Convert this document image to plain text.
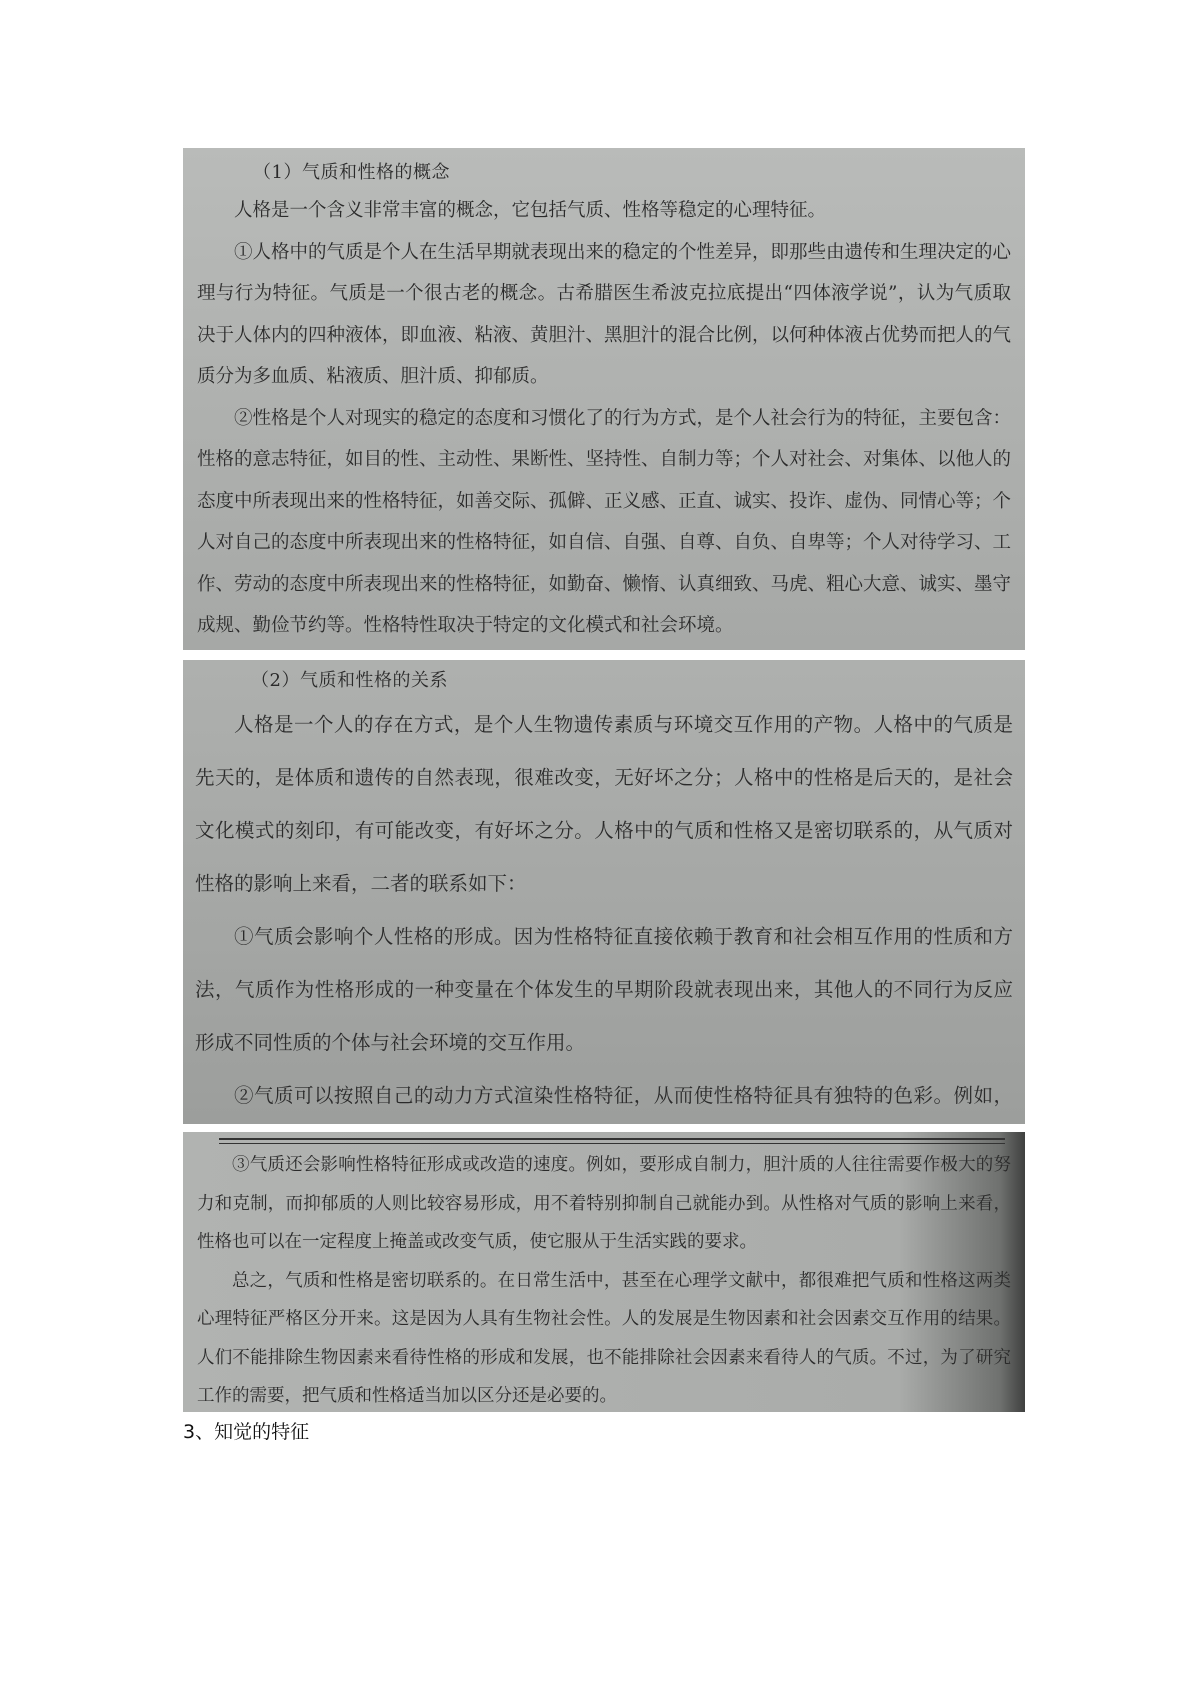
（1）气质和性格的概念

人格是一个含义非常丰富的概念，它包括气质、性格等稳定的心理特征。

①人格中的气质是个人在生活早期就表现出来的稳定的个性差异，即那些由遗传和生理决定的心理与行为特征。气质是一个很古老的概念。古希腊医生希波克拉底提出“四体液学说”，认为气质取决于人体内的四种液体，即血液、粘液、黄胆汁、黑胆汁的混合比例，以何种体液占优势而把人的气质分为多血质、粘液质、胆汁质、抑郁质。

②性格是个人对现实的稳定的态度和习惯化了的行为方式，是个人社会行为的特征，主要包含：性格的意志特征，如目的性、主动性、果断性、坚持性、自制力等；个人对社会、对集体、以他人的态度中所表现出来的性格特征，如善交际、孤僻、正义感、正直、诚实、投诈、虚伪、同情心等；个人对自己的态度中所表现出来的性格特征，如自信、自强、自尊、自负、自卑等；个人对待学习、工作、劳动的态度中所表现出来的性格特征，如勤奋、懒惰、认真细致、马虎、粗心大意、诚实、墨守成规、勤俭节约等。性格特性取决于特定的文化模式和社会环境。

（2）气质和性格的关系

人格是一个人的存在方式，是个人生物遗传素质与环境交互作用的产物。人格中的气质是先天的，是体质和遗传的自然表现，很难改变，无好坏之分；人格中的性格是后天的，是社会文化模式的刻印，有可能改变，有好坏之分。人格中的气质和性格又是密切联系的，从气质对性格的影响上来看，二者的联系如下：

①气质会影响个人性格的形成。因为性格特征直接依赖于教育和社会相互作用的性质和方法，气质作为性格形成的一种变量在个体发生的早期阶段就表现出来，其他人的不同行为反应形成不同性质的个体与社会环境的交互作用。

②气质可以按照自己的动力方式渲染性格特征，从而使性格特征具有独特的色彩。例如，

③气质还会影响性格特征形成或改造的速度。例如，要形成自制力，胆汁质的人往往需要作极大的努力和克制，而抑郁质的人则比较容易形成，用不着特别抑制自己就能办到。从性格对气质的影响上来看，性格也可以在一定程度上掩盖或改变气质，使它服从于生活实践的要求。

总之，气质和性格是密切联系的。在日常生活中，甚至在心理学文献中，都很难把气质和性格这两类心理特征严格区分开来。这是因为人具有生物社会性。人的发展是生物因素和社会因素交互作用的结果。人们不能排除生物因素来看待性格的形成和发展，也不能排除社会因素来看待人的气质。不过，为了研究工作的需要，把气质和性格适当加以区分还是必要的。

3、知觉的特征
